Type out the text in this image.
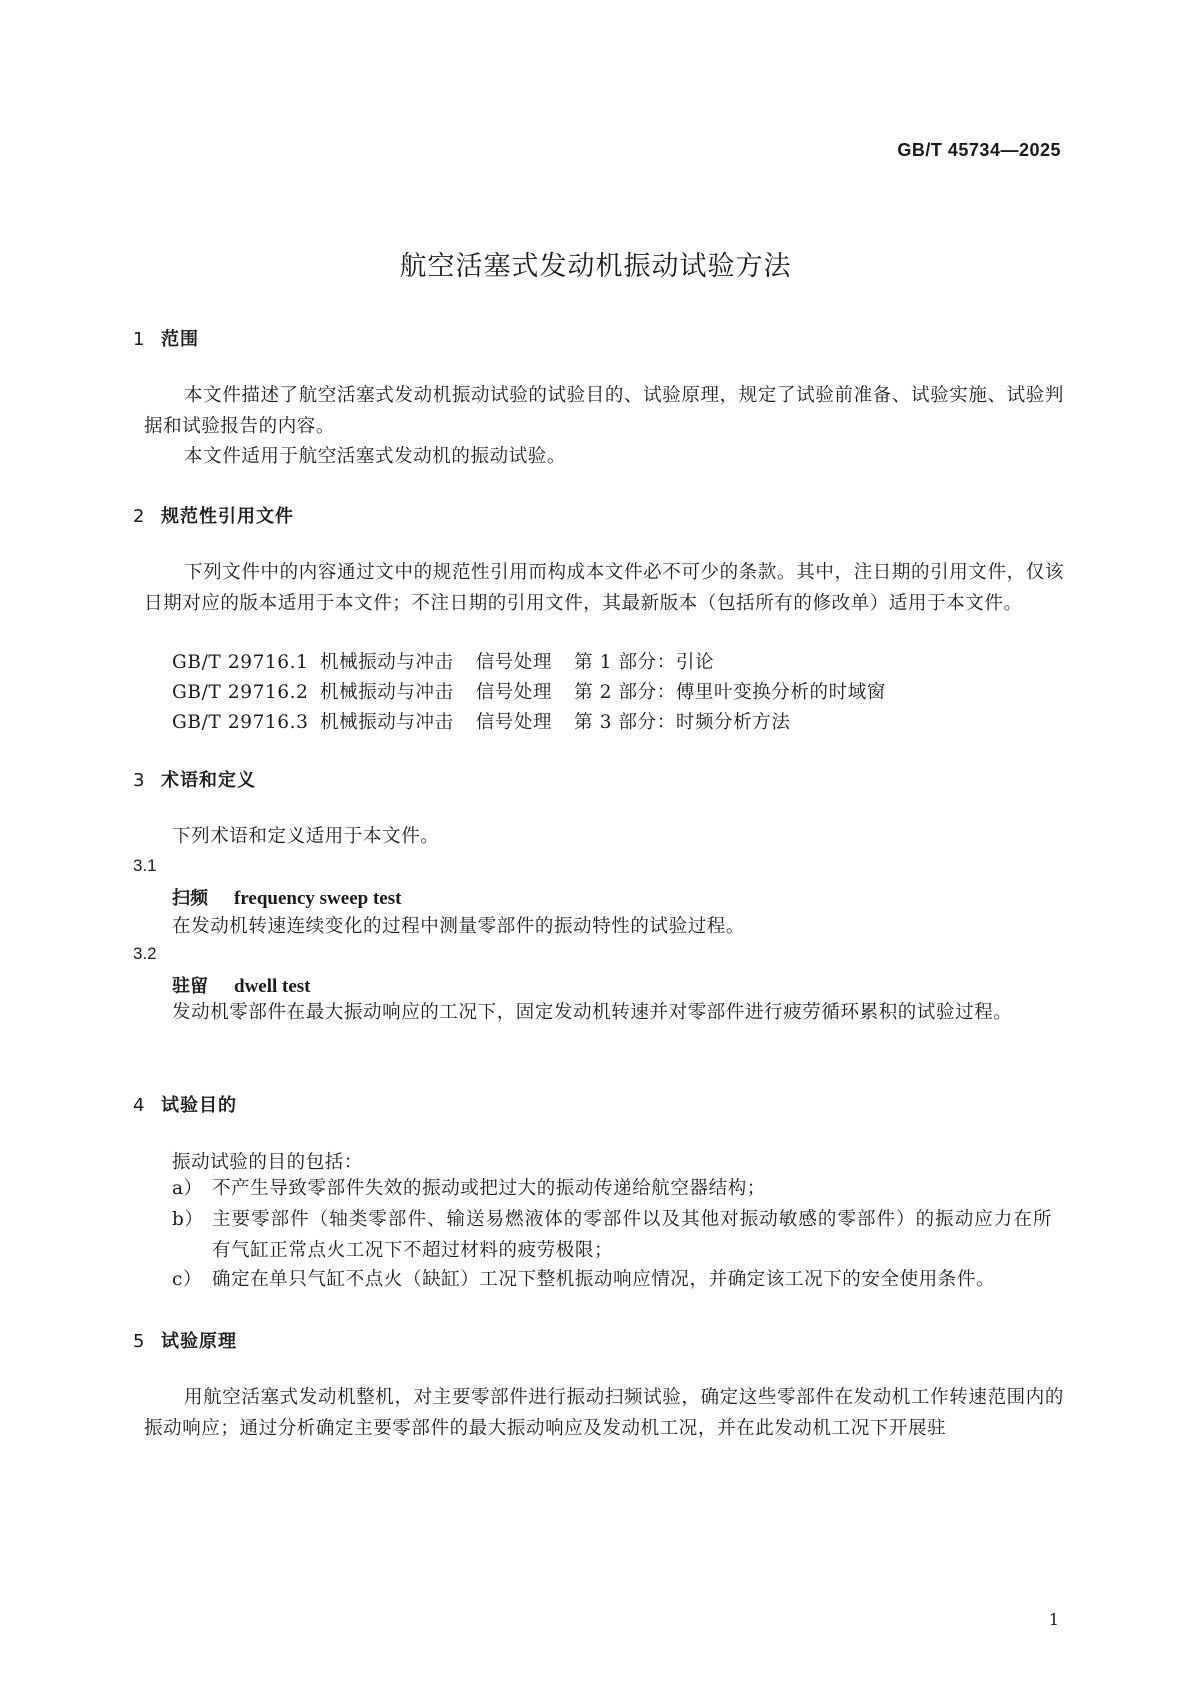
GB/T 45734—2025
航空活塞式发动机振动试验方法
1 范围
本文件描述了航空活塞式发动机振动试验的试验目的、试验原理，规定了试验前准备、试验实施、试验判据和试验报告的内容。
本文件适用于航空活塞式发动机的振动试验。
2 规范性引用文件
下列文件中的内容通过文中的规范性引用而构成本文件必不可少的条款。其中，注日期的引用文件，仅该日期对应的版本适用于本文件；不注日期的引用文件，其最新版本（包括所有的修改单）适用于本文件。
GB/T 29716.1 机械振动与冲击 信号处理 第 1 部分：引论
GB/T 29716.2 机械振动与冲击 信号处理 第 2 部分：傅里叶变换分析的时域窗
GB/T 29716.3 机械振动与冲击 信号处理 第 3 部分：时频分析方法
3 术语和定义
下列术语和定义适用于本文件。
3.1
扫频 frequency sweep test
在发动机转速连续变化的过程中测量零部件的振动特性的试验过程。
3.2
驻留 dwell test
发动机零部件在最大振动响应的工况下，固定发动机转速并对零部件进行疲劳循环累积的试验过程。
4 试验目的
振动试验的目的包括：
a） 不产生导致零部件失效的振动或把过大的振动传递给航空器结构；
b） 主要零部件（轴类零部件、输送易燃液体的零部件以及其他对振动敏感的零部件）的振动应力在所有气缸正常点火工况下不超过材料的疲劳极限；
c） 确定在单只气缸不点火（缺缸）工况下整机振动响应情况，并确定该工况下的安全使用条件。
5 试验原理
用航空活塞式发动机整机，对主要零部件进行振动扫频试验，确定这些零部件在发动机工作转速范围内的振动响应；通过分析确定主要零部件的最大振动响应及发动机工况，并在此发动机工况下开展驻
1
